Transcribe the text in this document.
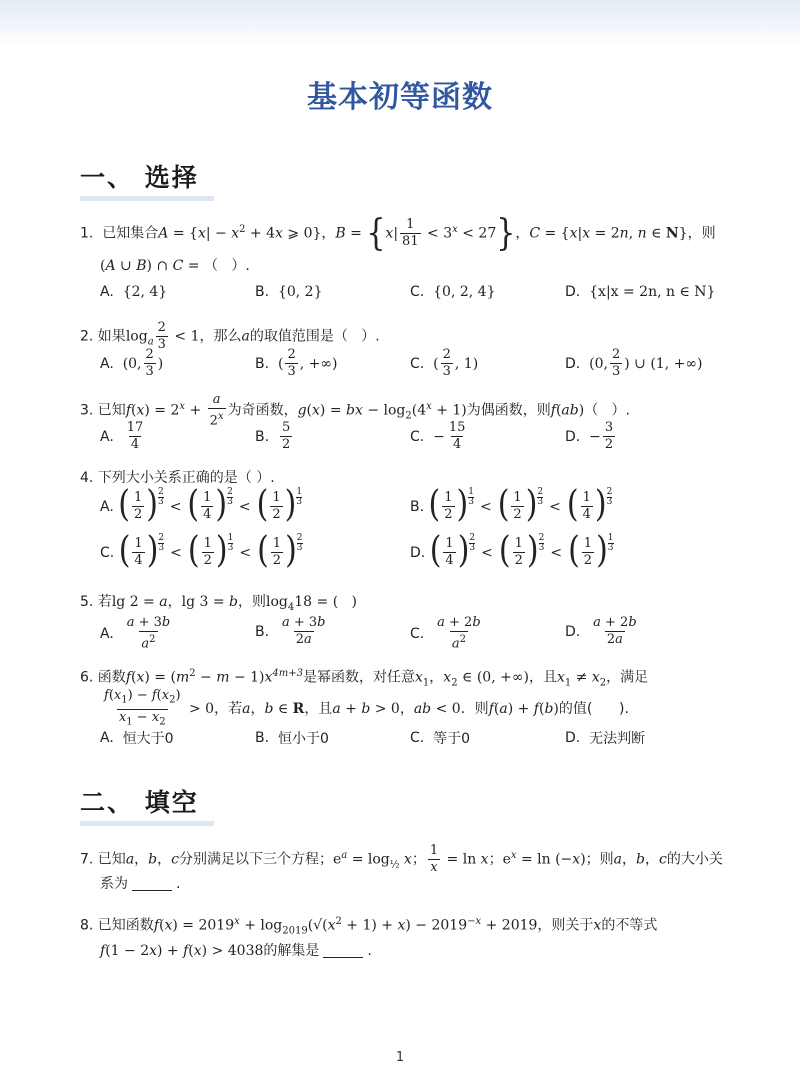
基本初等函数
一、 选择
1.  已知集合$A = \{x| - x^2 + 4x$ ⩾ 0}，$B = \{x| \frac{1}{81} < 3^x < 27\}$，C = {x|x = 2n, n ∈ N}，则
(A ∪ B) ∩ C = （   ）.
A.
{2, 4}	B.
{0, 2}	C.
{0, 2, 4}	D.
{x|x = 2n, n ∈ N}
2. 如果$\log_a \frac{2}{3} < 1$，那么a的取值范围是（   ）.
A.
(0, $\frac{2}{3}$ )	B.
( $\frac{2}{3}$ , +∞)	C.
( $\frac{2}{3}$ , 1)	D.
(0, $\frac{2}{3}$ ) ∪ (1, +∞)
3. 已知$f(x) = 2^x + \frac{a}{2^x}$ 为奇函数，g(x) = bx − $\log_2(4^x + 1)$为偶函数，则f(ab)（   ）.
A.
$\frac{17}{4}$	B.
$\frac{5}{2}$	C.
− $\frac{15}{4}$	D.
− $\frac{3}{2}$
4. 下列大小关系正确的是（ ）.
A.
( $\frac{1}{2}$ ) 2
3 < ( $\frac{1}{4}$ ) 2
3 < ( $\frac{1}{2}$ ) 1
3	B.
( $\frac{1}{2}$ ) 1
3 < ( $\frac{1}{2}$ ) 2
3 < ( $\frac{1}{4}$ ) 2
3
C.
( $\frac{1}{4}$ ) 2
3 < ( $\frac{1}{2}$ ) 1
3 < ( $\frac{1}{2}$ ) 2
3	D.
( $\frac{1}{4}$ ) 2
3 < ( $\frac{1}{2}$ ) 2
3 < ( $\frac{1}{2}$ ) 1
3
5. 若lg 2 = a，lg 3 = b，则$\log_418$ = (   )
A.
$\frac{a + 3b}{a^2}$	B.
$\frac{a + 3b}{2a}$	C.
$\frac{a + 2b}{a^2}$	D.
$\frac{a + 2b}{2a}$
6. 函数$f(x) = (m^2 - m - 1)x^{4m+3}$是幂函数，对任意$x_1$，$x_2$ ∈ (0, +∞)，且$x_1 \ne x_2$，满足
$\frac{f(x_1) - f(x_2)}{x_1 - x_2} > 0$，若a，b ∈ R，且a + b > 0，ab < 0．则f(a) + f(b)的值(      ).
A.
恒大于0	B.
恒小于0	C.
等于0	D.
无法判断
二、 填空
7. 已知a，b，c分别满足以下三个方程；$e^a = \log_{\frac{1}{2}} x$； $\frac{1}{x} = \ln x$；$e^x = \ln (-x)$；则a，b，c的大小关
系为	.
8. 已知函数$f(x) = 2019^x + \log_{2019}(√(x^2 + 1) + x) - 2019^{-x} + 2019$，则关于x的不等式
f(1 − 2x) + f(x) > 4038的解集是	.
1
